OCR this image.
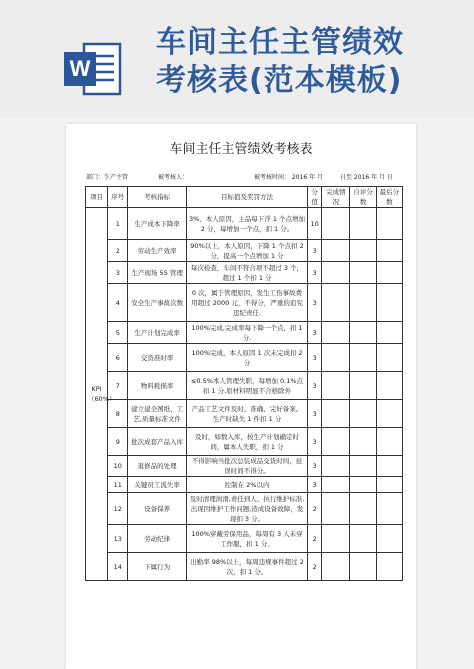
W
车间主任主管绩效
考核表(范本模板)
车间主任主管绩效考核表
部门：生产主管	被考核人：	被考核时间： 2016 年 月	日至 2016 年 月 日
项目	序号	考核指标	目标值及奖罚方法	分值	完成情况	自评分数	最后分数
KPI（60%）	1	生产成本下降率	3%，本人原因，主品每下浮 1 个点增加 2 分，每增加一个点，扣 1 分。	10			
	2	劳动生产效率	90%以上，本人原因，下降 1 个点扣 2 分，提高一个点增加 1 分	3			
	3	生产现场 5S 管理	每次检查，车间不符合项不超过 3 个，超过 1 个扣 1 分	3			
	4	安全生产事故次数	0 次，属于管理原因，发生工伤事故费用超过 2000 元，不得分，严重的追究违纪责任.	3			
	5	生产计划完成率	100%完成,完成率每下降一个点，扣 1 分.	3			
	6	交货准时率	100%完成，本人原因 1 次未完成扣 2 分	3			
	7	物料耗损率	≤0.5%本人管理失职，每增加 0.1%点扣 1 分.原材料明显不合格除外	3			
	8	建立建全图纸、工艺,质量标准文件	产品工艺文件及时、准确、完好备案。生产时缺失 1 件扣 1 分	3			
	9	批次成套产品入库	及时，如数入库，按生产计划确定时间，属本人失职，扣 1 分	3			
	10	退修品的处理	不得影响当批次总装成品交货时间，延误时间不得分。	3			
	11	关键员工流失率	控制在 2%以内	3			
	12	设备保养	及时清理润滑,责任到人、执行维护标准.出现因维护工作问题,造成设备故障，发现扣 3 分。	2			
	13	劳动纪律	100%穿戴劳保用品，每周有 3 人未穿工作服，扣 1 分。	2			
	14	下属行为	出勤率 98%以上，每周违规事件超过 2 次，扣 1 分。	2			
